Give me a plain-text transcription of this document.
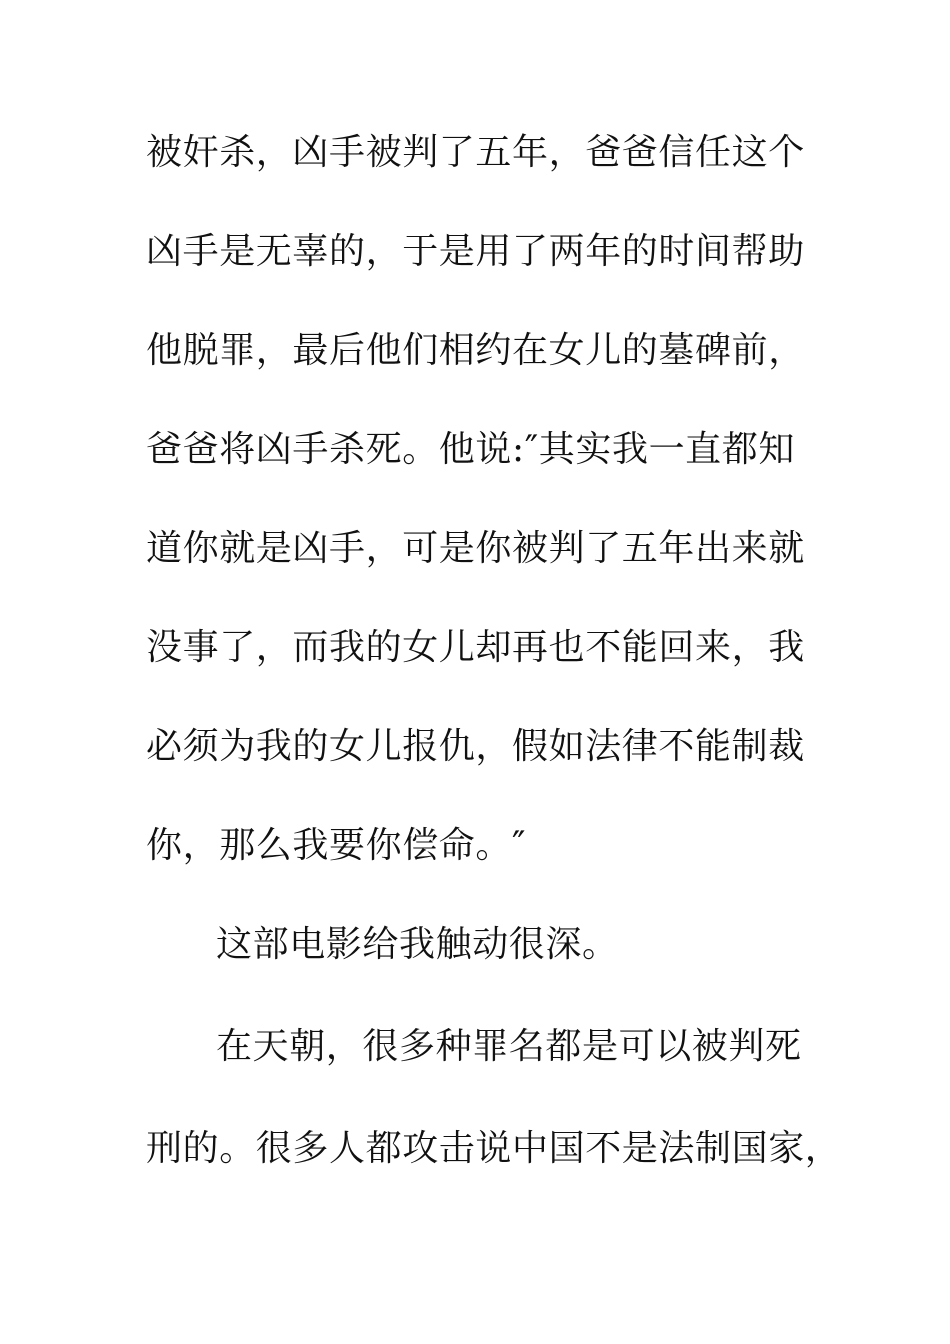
被奸杀，凶手被判了五年，爸爸信任这个
凶手是无辜的，于是用了两年的时间帮助
他脱罪，最后他们相约在女儿的墓碑前，
爸爸将凶手杀死。他说:″其实我一直都知
道你就是凶手，可是你被判了五年出来就
没事了，而我的女儿却再也不能回来，我
必须为我的女儿报仇，假如法律不能制裁
你，那么我要你偿命。″
这部电影给我触动很深。
在天朝，很多种罪名都是可以被判死
刑的。很多人都攻击说中国不是法制国家，
